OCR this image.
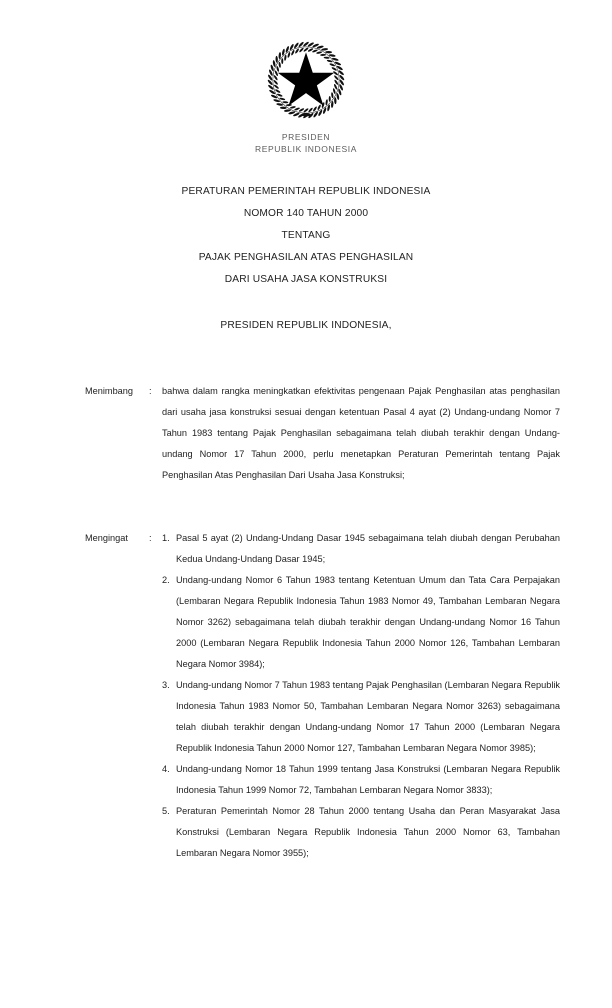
PRESIDEN
REPUBLIK INDONESIA
PERATURAN PEMERINTAH REPUBLIK INDONESIA
NOMOR 140 TAHUN 2000
TENTANG
PAJAK PENGHASILAN ATAS PENGHASILAN
DARI USAHA JASA KONSTRUKSI
PRESIDEN REPUBLIK INDONESIA,
Menimbang	:	bahwa dalam rangka meningkatkan efektivitas pengenaan Pajak Penghasilan atas penghasilan dari usaha jasa konstruksi sesuai dengan ketentuan Pasal 4 ayat (2) Undang-undang Nomor 7 Tahun 1983 tentang Pajak Penghasilan sebagaimana telah diubah terakhir dengan Undang-undang Nomor 17 Tahun 2000, perlu menetapkan Peraturan Pemerintah tentang Pajak Penghasilan Atas Penghasilan Dari Usaha Jasa Konstruksi;

Mengingat	:	1. Pasal 5 ayat (2) Undang-Undang Dasar 1945 sebagaimana telah diubah dengan Perubahan Kedua Undang-Undang Dasar 1945;
2. Undang-undang Nomor 6 Tahun 1983 tentang Ketentuan Umum dan Tata Cara Perpajakan (Lembaran Negara Republik Indonesia Tahun 1983 Nomor 49, Tambahan Lembaran Negara Nomor 3262) sebagaimana telah diubah terakhir dengan Undang-undang Nomor 16 Tahun 2000 (Lembaran Negara Republik Indonesia Tahun 2000 Nomor 126, Tambahan Lembaran Negara Nomor 3984);
3. Undang-undang Nomor 7 Tahun 1983 tentang Pajak Penghasilan (Lembaran Negara Republik Indonesia Tahun 1983 Nomor 50, Tambahan Lembaran Negara Nomor 3263) sebagaimana telah diubah terakhir dengan Undang-undang Nomor 17 Tahun 2000 (Lembaran Negara Republik Indonesia Tahun 2000 Nomor 127, Tambahan Lembaran Negara Nomor 3985);
4. Undang-undang Nomor 18 Tahun 1999 tentang Jasa Konstruksi (Lembaran Negara Republik Indonesia Tahun 1999 Nomor 72, Tambahan Lembaran Negara Nomor 3833);
5. Peraturan Pemerintah Nomor 28 Tahun 2000 tentang Usaha dan Peran Masyarakat Jasa Konstruksi (Lembaran Negara Republik Indonesia Tahun 2000 Nomor 63, Tambahan Lembaran Negara Nomor 3955);
